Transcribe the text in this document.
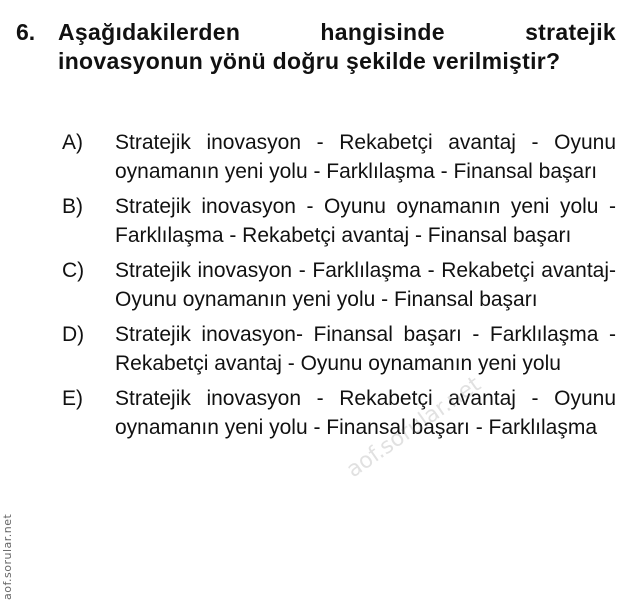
6. Aşağıdakilerden hangisinde stratejik inovasyonun yönü doğru şekilde verilmiştir?
A)	Stratejik inovasyon - Rekabetçi avantaj - Oyunu oynamanın yeni yolu - Farklılaşma - Finansal başarı
B)	Stratejik inovasyon - Oyunu oynamanın yeni yolu - Farklılaşma - Rekabetçi avantaj - Finansal başarı
C)	Stratejik inovasyon - Farklılaşma - Rekabetçi avantaj- Oyunu oynamanın yeni yolu - Finansal başarı
D)	Stratejik inovasyon- Finansal başarı - Farklılaşma - Rekabetçi avantaj - Oyunu oynamanın yeni yolu
E)	Stratejik inovasyon - Rekabetçi avantaj - Oyunu oynamanın yeni yolu - Finansal başarı - Farklılaşma
aof.sorular.net
aof.sorular.net
